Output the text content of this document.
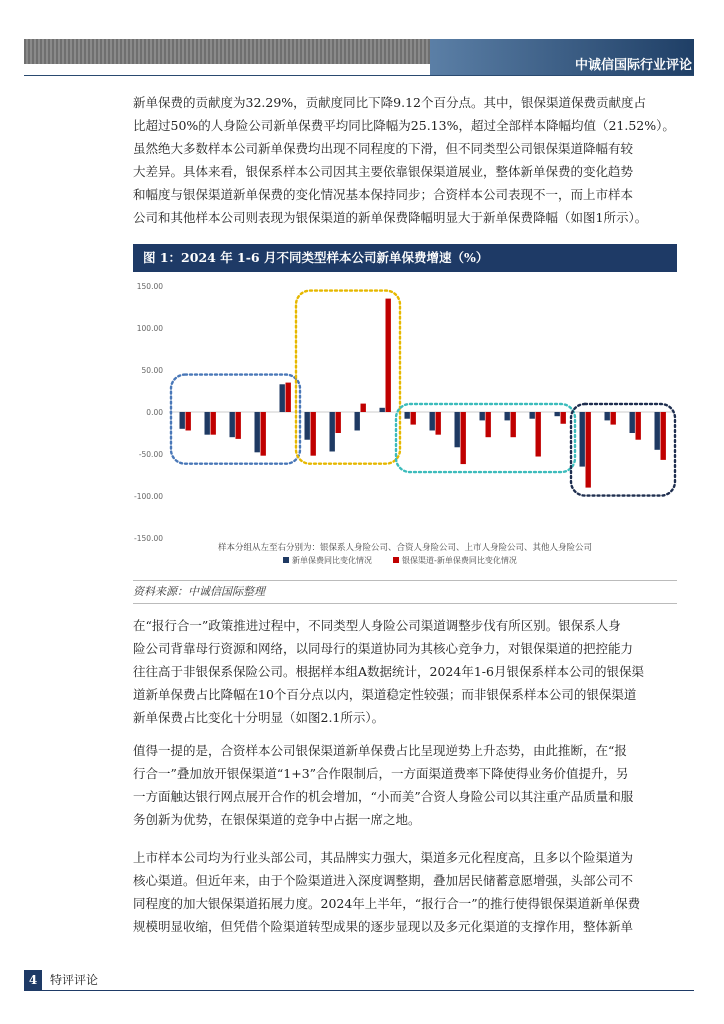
中诚信国际行业评论

新单保费的贡献度为32.29%，贡献度同比下降9.12个百分点。其中，银保渠道保费贡献度占
比超过50%的人身险公司新单保费平均同比降幅为25.13%，超过全部样本降幅均值（21.52%）。
虽然绝大多数样本公司新单保费均出现不同程度的下滑，但不同类型公司银保渠道降幅有较
大差异。具体来看，银保系样本公司因其主要依靠银保渠道展业，整体新单保费的变化趋势
和幅度与银保渠道新单保费的变化情况基本保持同步；合资样本公司表现不一，而上市样本
公司和其他样本公司则表现为银保渠道的新单保费降幅明显大于新单保费降幅（如图1所示）。

图 1：2024 年 1-6 月不同类型样本公司新单保费增速（%）
150.00
100.00
50.00
0.00
-50.00
-100.00
-150.00
样本分组从左至右分别为：银保系人身险公司、合资人身险公司、上市人身险公司、其他人身险公司
新单保费同比变化情况	银保渠道-新单保费同比变化情况
资料来源：中诚信国际整理

在“报行合一”政策推进过程中，不同类型人身险公司渠道调整步伐有所区别。银保系人身
险公司背靠母行资源和网络，以同母行的渠道协同为其核心竞争力，对银保渠道的把控能力
往往高于非银保系保险公司。根据样本组A数据统计，2024年1-6月银保系样本公司的银保渠
道新单保费占比降幅在10个百分点以内，渠道稳定性较强；而非银保系样本公司的银保渠道
新单保费占比变化十分明显（如图2.1所示）。

值得一提的是，合资样本公司银保渠道新单保费占比呈现逆势上升态势，由此推断，在“报
行合一”叠加放开银保渠道“1+3”合作限制后，一方面渠道费率下降使得业务价值提升，另
一方面触达银行网点展开合作的机会增加，“小而美”合资人身险公司以其注重产品质量和服
务创新为优势，在银保渠道的竞争中占据一席之地。

上市样本公司均为行业头部公司，其品牌实力强大，渠道多元化程度高，且多以个险渠道为
核心渠道。但近年来，由于个险渠道进入深度调整期，叠加居民储蓄意愿增强，头部公司不
同程度的加大银保渠道拓展力度。2024年上半年，“报行合一”的推行使得银保渠道新单保费
规模明显收缩，但凭借个险渠道转型成果的逐步显现以及多元化渠道的支撑作用，整体新单

4	特评评论
